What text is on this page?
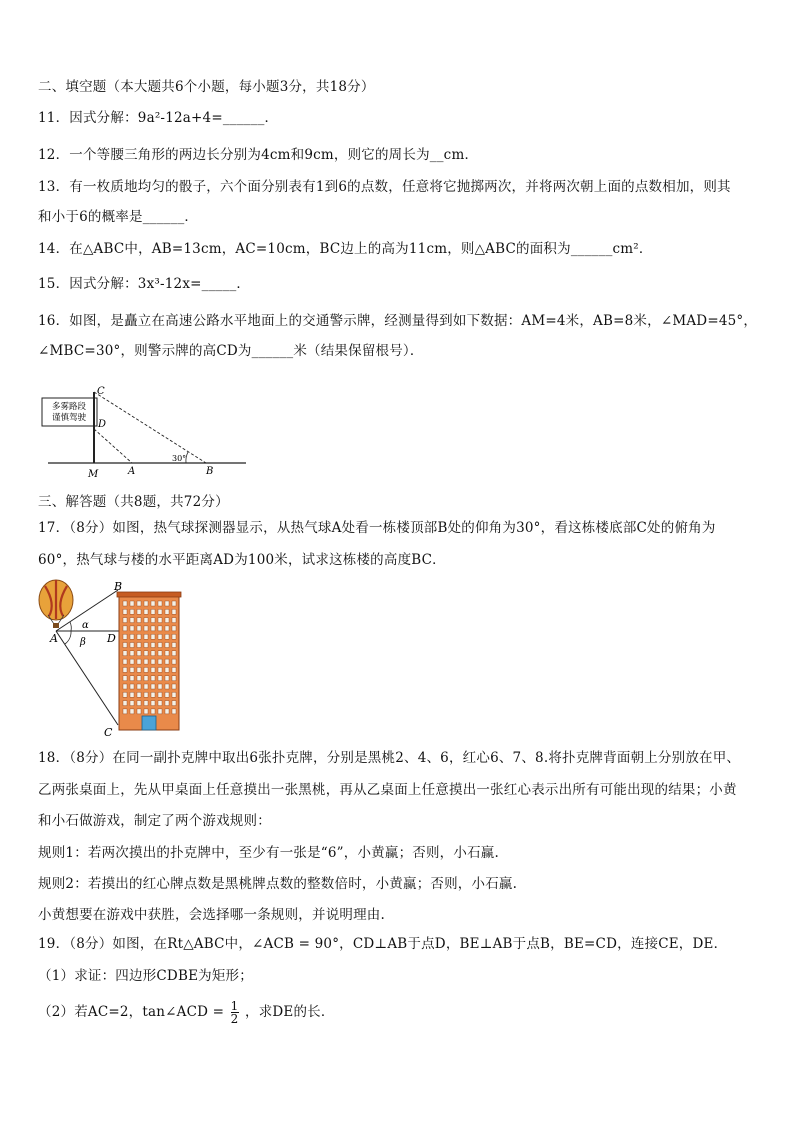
二、填空题（本大题共6个小题，每小题3分，共18分）
11．因式分解：9a²-12a+4=______．
12．一个等腰三角形的两边长分别为4cm和9cm，则它的周长为__cm．
13．有一枚质地均匀的骰子，六个面分别表有1到6的点数，任意将它抛掷两次，并将两次朝上面的点数相加，则其
和小于6的概率是______．
14．在△ABC中，AB=13cm，AC=10cm，BC边上的高为11cm，则△ABC的面积为______cm²．
15．因式分解：3x³-12x=_____．
16．如图，是矗立在高速公路水平地面上的交通警示牌，经测量得到如下数据：AM=4米，AB=8米，∠MAD=45°，
∠MBC=30°，则警示牌的高CD为______米（结果保留根号）．
多雾路段
谨慎驾驶
C
D
M	A	B
30°
三、解答题（共8题，共72分）
17．（8分）如图，热气球探测器显示，从热气球A处看一栋楼顶部B处的仰角为30°，看这栋楼底部C处的俯角为
60°，热气球与楼的水平距离AD为100米，试求这栋楼的高度BC．
B
A	D
C
α
β
18．（8分）在同一副扑克牌中取出6张扑克牌，分别是黑桃2、4、6，红心6、7、8.将扑克牌背面朝上分别放在甲、
乙两张桌面上，先从甲桌面上任意摸出一张黑桃，再从乙桌面上任意摸出一张红心表示出所有可能出现的结果；小黄
和小石做游戏，制定了两个游戏规则：
规则1：若两次摸出的扑克牌中，至少有一张是“6”，小黄赢；否则，小石赢.
规则2：若摸出的红心牌点数是黑桃牌点数的整数倍时，小黄赢；否则，小石赢.
小黄想要在游戏中获胜，会选择哪一条规则，并说明理由.
19．（8分）如图，在Rt△ABC中，∠ACB = 90°，CD⊥AB于点D，BE⊥AB于点B，BE=CD，连接CE，DE．
（1）求证：四边形CDBE为矩形；
（2）若AC=2，tan∠ACD = $\frac{1}{2}$ ，求DE的长．
